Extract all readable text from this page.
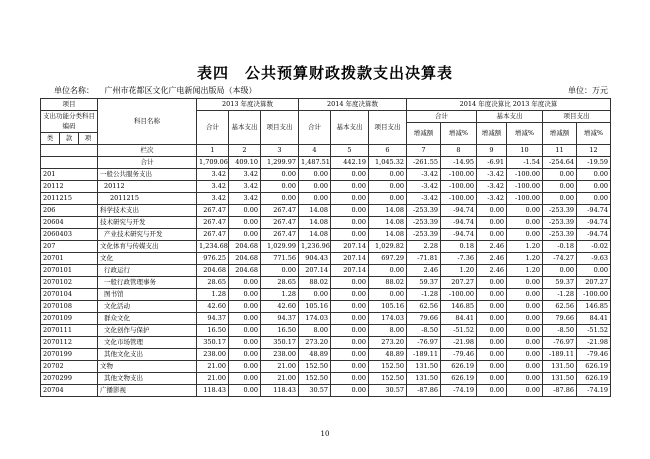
表四　公共预算财政拨款支出决算表
单位名称： 广州市花都区文化广电新闻出版局（本级）	单位：万元
项目			科目名称	2013 年度决算数			2014 年度决算数			2014 年度决算比 2013 年度决算					
支出功能分类科目编码				合计	基本支出	项目支出	合计	基本支出	项目支出	合计		基本支出		项目支出	
										增减额	增减%	增减额	增减%	增减额	增减%
类	款	项													
			栏次	1	2	3	4	5	6	7	8	9	10	11	12
			合计	1,709.06	409.10	1,299.97	1,487.51	442.19	1,045.32	-261.55	-14.95	-6.91	-1.54	-254.64	-19.59
201			一般公共服务支出	3.42	3.42	0.00	0.00	0.00	0.00	-3.42	-100.00	-3.42	-100.00	0.00	0.00
20112			20112	3.42	3.42	0.00	0.00	0.00	0.00	-3.42	-100.00	-3.42	-100.00	0.00	0.00
2011215			2011215	3.42	3.42	0.00	0.00	0.00	0.00	-3.42	-100.00	-3.42	-100.00	0.00	0.00
206			科学技术支出	267.47	0.00	267.47	14.08	0.00	14.08	-253.39	-94.74	0.00	0.00	-253.39	-94.74
20604			技术研究与开发	267.47	0.00	267.47	14.08	0.00	14.08	-253.39	-94.74	0.00	0.00	-253.39	-94.74
2060403			产业技术研究与开发	267.47	0.00	267.47	14.08	0.00	14.08	-253.39	-94.74	0.00	0.00	-253.39	-94.74
207			文化体育与传媒支出	1,234.68	204.68	1,029.99	1,236.96	207.14	1,029.82	2.28	0.18	2.46	1.20	-0.18	-0.02
20701			文化	976.25	204.68	771.56	904.43	207.14	697.29	-71.81	-7.36	2.46	1.20	-74.27	-9.63
2070101			行政运行	204.68	204.68	0.00	207.14	207.14	0.00	2.46	1.20	2.46	1.20	0.00	0.00
2070102			一般行政管理事务	28.65	0.00	28.65	88.02	0.00	88.02	59.37	207.27	0.00	0.00	59.37	207.27
2070104			图书馆	1.28	0.00	1.28	0.00	0.00	0.00	-1.28	-100.00	0.00	0.00	-1.28	-100.00
2070108			文化活动	42.60	0.00	42.60	105.16	0.00	105.16	62.56	146.85	0.00	0.00	62.56	146.85
2070109			群众文化	94.37	0.00	94.37	174.03	0.00	174.03	79.66	84.41	0.00	0.00	79.66	84.41
2070111			文化创作与保护	16.50	0.00	16.50	8.00	0.00	8.00	-8.50	-51.52	0.00	0.00	-8.50	-51.52
2070112			文化市场管理	350.17	0.00	350.17	273.20	0.00	273.20	-76.97	-21.98	0.00	0.00	-76.97	-21.98
2070199			其他文化支出	238.00	0.00	238.00	48.89	0.00	48.89	-189.11	-79.46	0.00	0.00	-189.11	-79.46
20702			文物	21.00	0.00	21.00	152.50	0.00	152.50	131.50	626.19	0.00	0.00	131.50	626.19
2070299			其他文物支出	21.00	0.00	21.00	152.50	0.00	152.50	131.50	626.19	0.00	0.00	131.50	626.19
20704			广播影视	118.43	0.00	118.43	30.57	0.00	30.57	-87.86	-74.19	0.00	0.00	-87.86	-74.19
10
